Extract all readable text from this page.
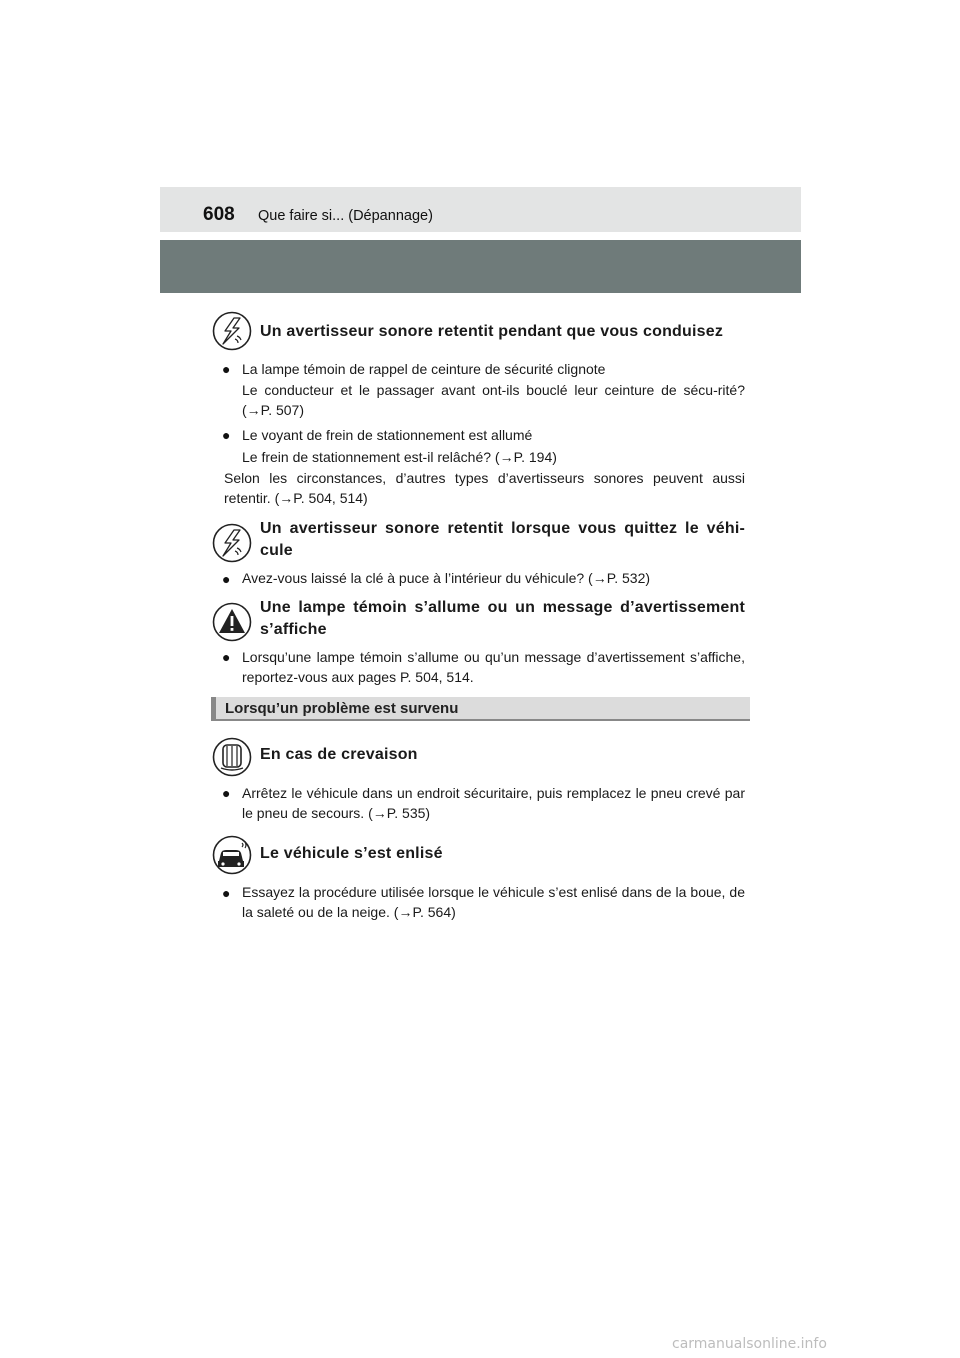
608 Que faire si... (Dépannage)
Un avertisseur sonore retentit pendant que vous conduisez
● La lampe témoin de rappel de ceinture de sécurité clignote
Le conducteur et le passager avant ont-ils bouclé leur ceinture de sécu-rité? (→P. 507)
● Le voyant de frein de stationnement est allumé
Le frein de stationnement est-il relâché? (→P. 194)
Selon les circonstances, d’autres types d’avertisseurs sonores peuvent aussi retentir. (→P. 504, 514)
Un avertisseur sonore retentit lorsque vous quittez le véhi-cule
● Avez-vous laissé la clé à puce à l’intérieur du véhicule? (→P. 532)
Une lampe témoin s’allume ou un message d’avertissement s’affiche
● Lorsqu’une lampe témoin s’allume ou qu’un message d’avertissement s’affiche, reportez-vous aux pages P. 504, 514.
Lorsqu’un problème est survenu
En cas de crevaison
● Arrêtez le véhicule dans un endroit sécuritaire, puis remplacez le pneu crevé par le pneu de secours. (→P. 535)
Le véhicule s’est enlisé
● Essayez la procédure utilisée lorsque le véhicule s’est enlisé dans de la boue, de la saleté ou de la neige. (→P. 564)
carmanualsonline.info
